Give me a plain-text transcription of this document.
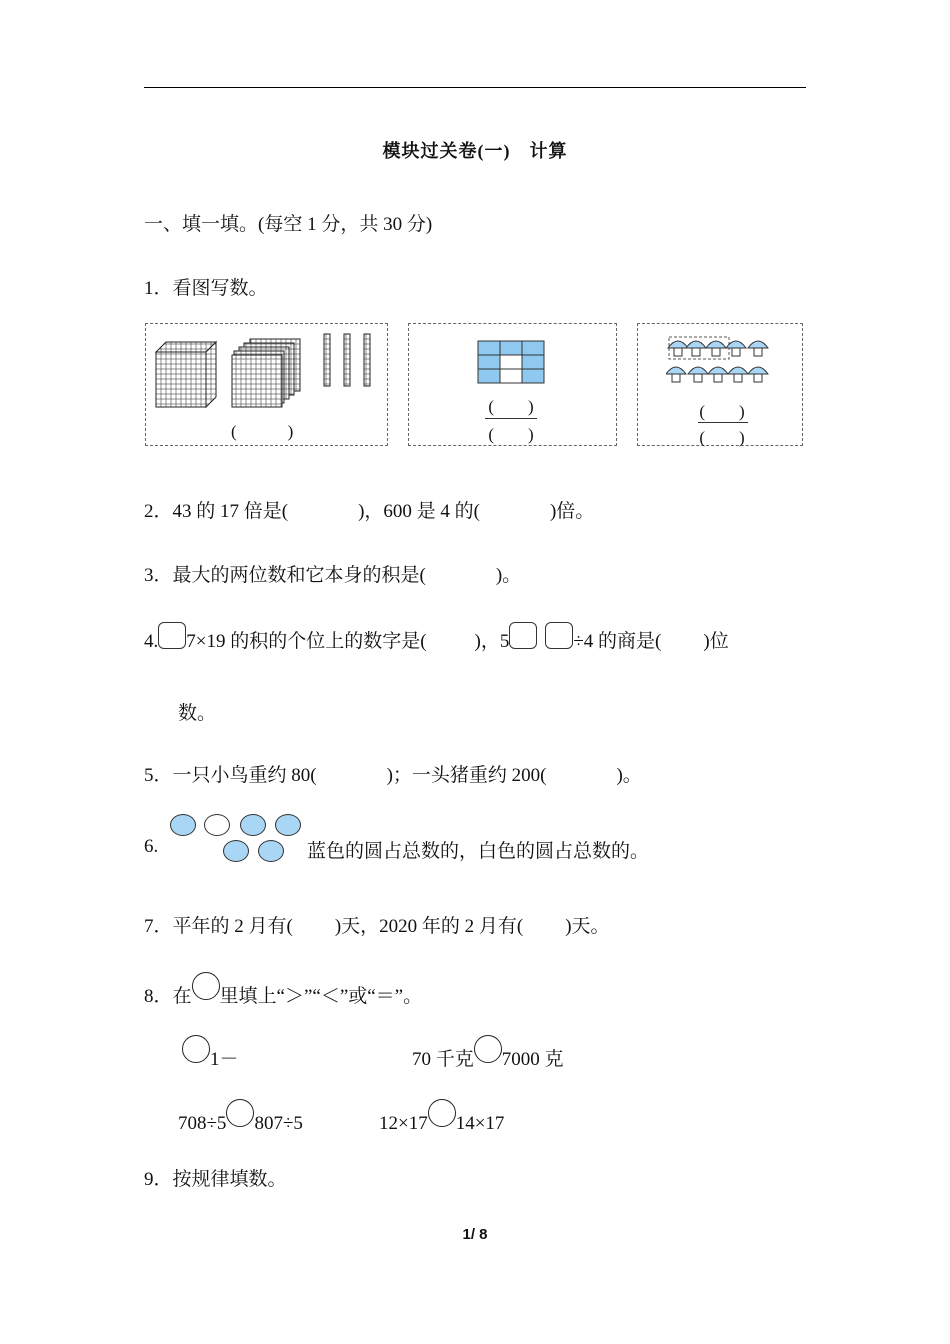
模块过关卷(一)　计算
一、填一填。(每空 1 分，共 30 分)
1．看图写数。
(　　　)
(　　)
(　　)
(　　)
(　　)
2．43 的 17 倍是(	)，600 是 4 的(	)倍。
3．最大的两位数和它本身的积是(	)。
4. 7×19 的积的个位上的数字是(	)，5	÷4 的商是( )位
数。
5．一只小鸟重约 80(	)；一头猪重约 200(	)。
6.	蓝色的圆占总数的，白色的圆占总数的。
7．平年的 2 月有( )天，2020 年的 2 月有( )天。
8．在 里填上“＞”“＜”或“＝”。
1－	70 千克 7000 克
708÷5 807÷5	12×17 14×17
9．按规律填数。
1/ 8
